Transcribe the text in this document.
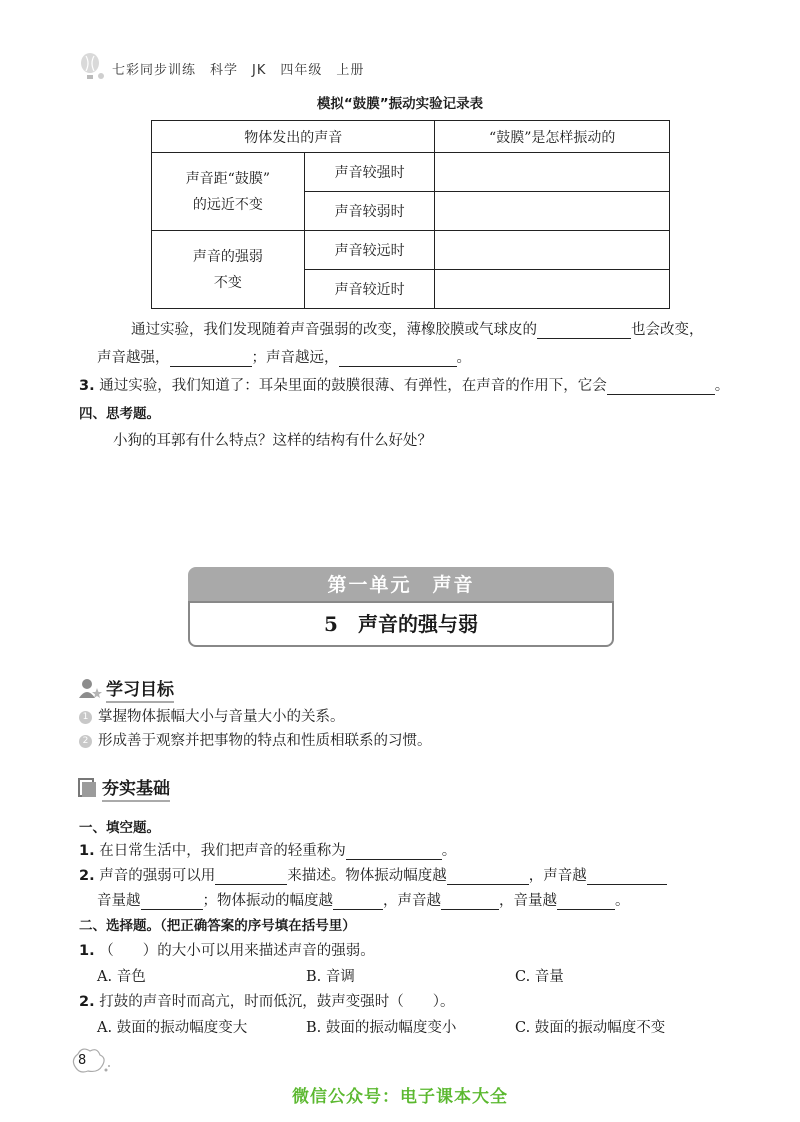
七彩同步训练　科学　JK　四年级　上册
模拟“鼓膜”振动实验记录表
物体发出的声音		“鼓膜”是怎样振动的

声音距“鼓膜”
的远近不变	声音较强时	
	声音较弱时	

声音的强弱
不变	声音较远时	
	声音较近时	
通过实验，我们发现随着声音强弱的改变，薄橡胶膜或气球皮的	也会改变，
声音越强，	；声音越远，	。
3. 通过实验，我们知道了：耳朵里面的鼓膜很薄、有弹性，在声音的作用下，它会	。
四、思考题。
小狗的耳郭有什么特点？这样的结构有什么好处？
第一单元　声音
5　声音的强与弱
学习目标
1 掌握物体振幅大小与音量大小的关系。
2 形成善于观察并把事物的特点和性质相联系的习惯。
夯实基础
一、填空题。
1. 在日常生活中，我们把声音的轻重称为	。
2. 声音的强弱可以用	来描述。物体振动幅度越	，声音越
音量越	；物体振动的幅度越	，声音越	，音量越	。
二、选择题。（把正确答案的序号填在括号里）
1. （　　）的大小可以用来描述声音的强弱。
A. 音色	B. 音调	C. 音量
2. 打鼓的声音时而高亢，时而低沉，鼓声变强时（　　）。
A. 鼓面的振动幅度变大	B. 鼓面的振动幅度变小	C. 鼓面的振动幅度不变
8
微信公众号：电子课本大全
